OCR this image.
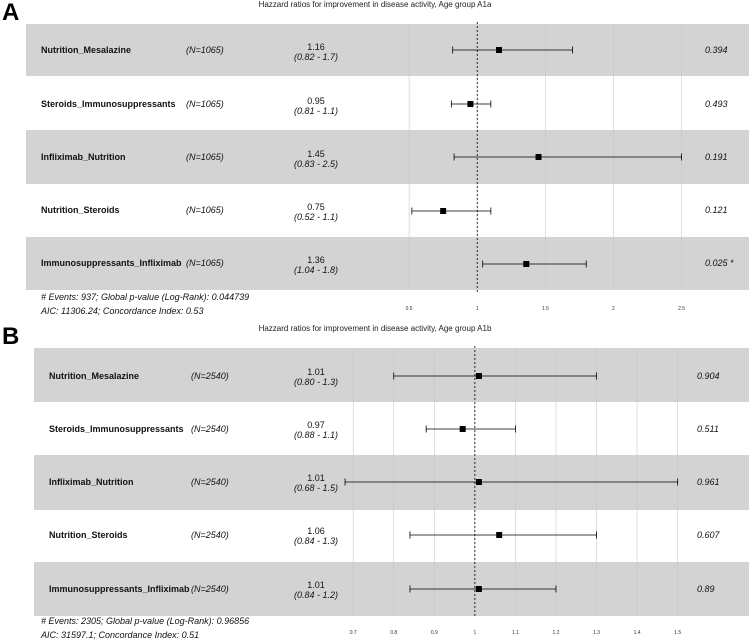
A	Hazzard ratios for improvement in disease activity, Age group A1a
0.5	1	1.5	2	2.5
Nutrition_Mesalazine	(N=1065)	1.16
(0.82 - 1.7)
0.394
Steroids_Immunosuppressants (N=1065)	0.95
(0.81 - 1.1)
0.493
Infliximab_Nutrition	(N=1065)	1.45
(0.83 - 2.5)
0.191
Nutrition_Steroids	(N=1065)	0.75
(0.52 - 1.1)
0.121
Immunosuppressants_Infliximab (N=1065)	1.36
(1.04 - 1.8)
0.025 *
# Events: 937; Global p-value (Log-Rank): 0.044739
AIC: 11306.24; Concordance Index: 0.53
B	Hazzard ratios for improvement in disease activity, Age group A1b
0.7	0.8	0.9	1	1.1	1.2	1.3	1.4	1.5
Nutrition_Mesalazine	(N=2540)	1.01
(0.80 - 1.3)
0.904
Steroids_Immunosuppressants (N=2540)	0.97
(0.88 - 1.1)
0.511
Infliximab_Nutrition	(N=2540)	1.01
(0.68 - 1.5)
0.961
Nutrition_Steroids	(N=2540)	1.06
(0.84 - 1.3)
0.607
Immunosuppressants_Infliximab (N=2540)	1.01
(0.84 - 1.2)
0.89
# Events: 2305; Global p-value (Log-Rank): 0.96856
AIC: 31597.1; Concordance Index: 0.51
